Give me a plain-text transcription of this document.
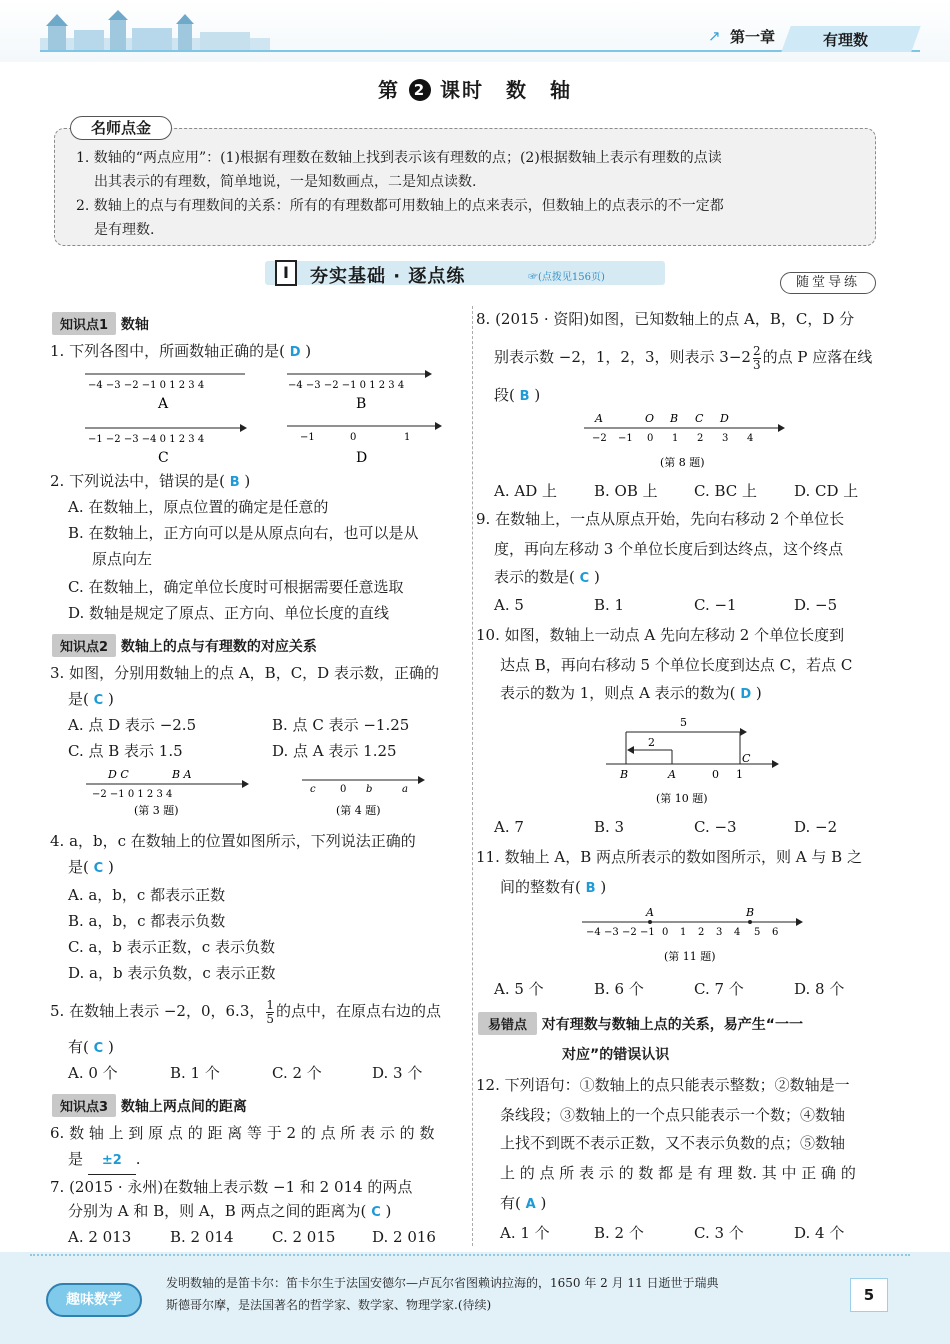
↗ 第一章	有理数
第 2 课时　数　轴
名师点金
1. 数轴的“两点应用”：(1)根据有理数在数轴上找到表示该有理数的点；(2)根据数轴上表示有理数的点读
出其表示的有理数，简单地说，一是知数画点，二是知点读数.
2. 数轴上的点与有理数间的关系：所有的有理数都可用数轴上的点来表示，但数轴上的点表示的不一定都
是有理数.
I	夯实基础 · 逐点练	☞(点拨见156页)	随堂导练
知识点1 数轴
1. 下列各图中，所画数轴正确的是( D )
−4 −3 −2 −1 0 1 2 3 4
A
−4 −3 −2 −1 0 1 2 3 4
B
−1 −2 −3 −4 0 1 2 3 4
C
−1	0	1
D
2. 下列说法中，错误的是( B )
A. 在数轴上，原点位置的确定是任意的
B. 在数轴上，正方向可以是从原点向右，也可以是从
原点向左
C. 在数轴上，确定单位长度时可根据需要任意选取
D. 数轴是规定了原点、正方向、单位长度的直线
知识点2 数轴上的点与有理数的对应关系
3. 如图，分别用数轴上的点 A，B，C，D 表示数，正确的
是( C )
A. 点 D 表示 −2.5	B. 点 C 表示 −1.25
C. 点 B 表示 1.5	D. 点 A 表示 1.25
D C	B A
−2 −1 0 1 2 3 4
(第 3 题)
c 0 b	a
(第 4 题)
4. a，b，c 在数轴上的位置如图所示，下列说法正确的
是( C )
A. a，b，c 都表示正数
B. a，b，c 都表示负数
C. a，b 表示正数，c 表示负数
D. a，b 表示负数，c 表示正数
5. 在数轴上表示 −2，0，6.3， $\frac{1}{5}$ 的点中，在原点右边的点
有( C )
A. 0 个	B. 1 个	C. 2 个	D. 3 个
知识点3 数轴上两点间的距离
6. 数 轴 上 到 原 点 的 距 离 等 于 2 的 点 所 表 示 的 数
是 ±2 .
7. (2015 · 永州)在数轴上表示数 −1 和 2 014 的两点
分别为 A 和 B，则 A，B 两点之间的距离为( C )
A. 2 013	B. 2 014	C. 2 015 D. 2 016
8. (2015 · 资阳)如图，已知数轴上的点 A，B，C，D 分
别表示数 −2，1，2，3，则表示 $3-2 \frac{2}{3}$ 的点 P 应落在线
段( B )
A	O B C D
−2 −1 0 1 2 3 4
(第 8 题)
A. AD 上 B. OB 上 C. BC 上 D. CD 上
9. 在数轴上，一点从原点开始，先向右移动 2 个单位长
度，再向左移动 3 个单位长度后到达终点，这个终点
表示的数是( C )
A. 5	B. 1	C. −1	D. −5
10. 如图，数轴上一动点 A 先向左移动 2 个单位长度到
达点 B，再向右移动 5 个单位长度到达点 C，若点 C
表示的数为 1，则点 A 表示的数为( D )
5
2
B	A	0
C
1
(第 10 题)
A. 7	B. 3	C. −3	D. −2
11. 数轴上 A，B 两点所表示的数如图所示，则 A 与 B 之
间的整数有( B )
A	B
−4 −3 −2 −1 0 1 2 3 4 5 6
(第 11 题)
A. 5 个	B. 6 个	C. 7 个	D. 8 个
易错点 对有理数与数轴上点的关系，易产生“一一
对应”的错误认识
12. 下列语句：①数轴上的点只能表示整数；②数轴是一
条线段；③数轴上的一个点只能表示一个数；④数轴
上找不到既不表示正数，又不表示负数的点；⑤数轴
上 的 点 所 表 示 的 数 都 是 有 理 数. 其 中 正 确 的
有( A )
A. 1 个	B. 2 个	C. 3 个	D. 4 个
趣味数学
发明数轴的是笛卡尔：笛卡尔生于法国安德尔—卢瓦尔省图赖讷拉海的，1650 年 2 月 11 日逝世于瑞典
斯德哥尔摩，是法国著名的哲学家、数学家、物理学家.(待续)
5
